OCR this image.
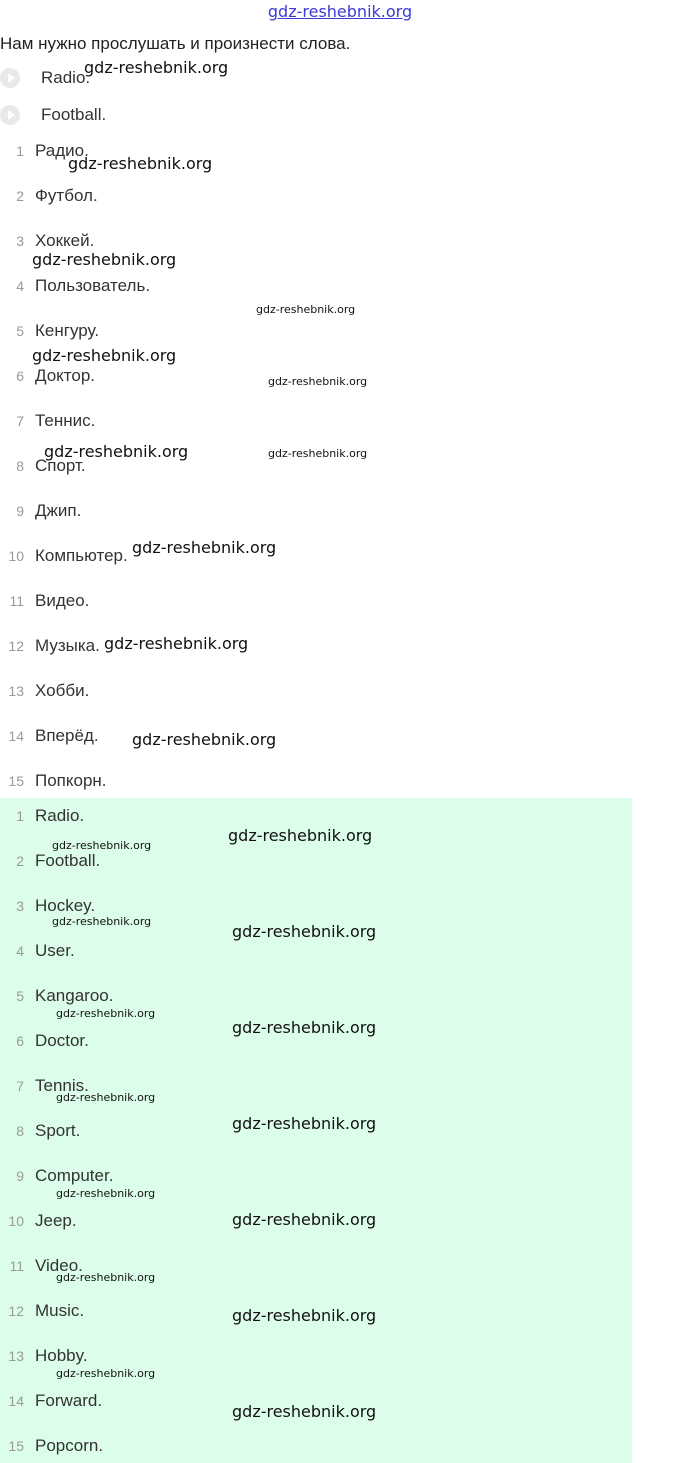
gdz-reshebnik.org
Нам нужно прослушать и произнести слова.
Radio.
Football.
1 Радио.
2 Футбол.
3 Хоккей.
4 Пользователь.
5 Кенгуру.
6 Доктор.
7 Теннис.
8 Спорт.
9 Джип.
10 Компьютер.
11 Видео.
12 Музыка.
13 Хобби.
14 Вперёд.
15 Попкорн.
1 Radio.
2 Football.
3 Hockey.
4 User.
5 Kangaroo.
6 Doctor.
7 Tennis.
8 Sport.
9 Computer.
10 Jeep.
11 Video.
12 Music.
13 Hobby.
14 Forward.
15 Popcorn.
gdz-reshebnik.org
gdz-reshebnik.org
gdz-reshebnik.org
gdz-reshebnik.org
gdz-reshebnik.org
gdz-reshebnik.org
gdz-reshebnik.org	gdz-reshebnik.org
gdz-reshebnik.org
gdz-reshebnik.org
gdz-reshebnik.org
gdz-reshebnik.org
gdz-reshebnik.org
gdz-reshebnik.org
gdz-reshebnik.org
gdz-reshebnik.org
gdz-reshebnik.org
gdz-reshebnik.org
gdz-reshebnik.org
gdz-reshebnik.org
gdz-reshebnik.org
gdz-reshebnik.org
gdz-reshebnik.org
gdz-reshebnik.org
gdz-reshebnik.org
